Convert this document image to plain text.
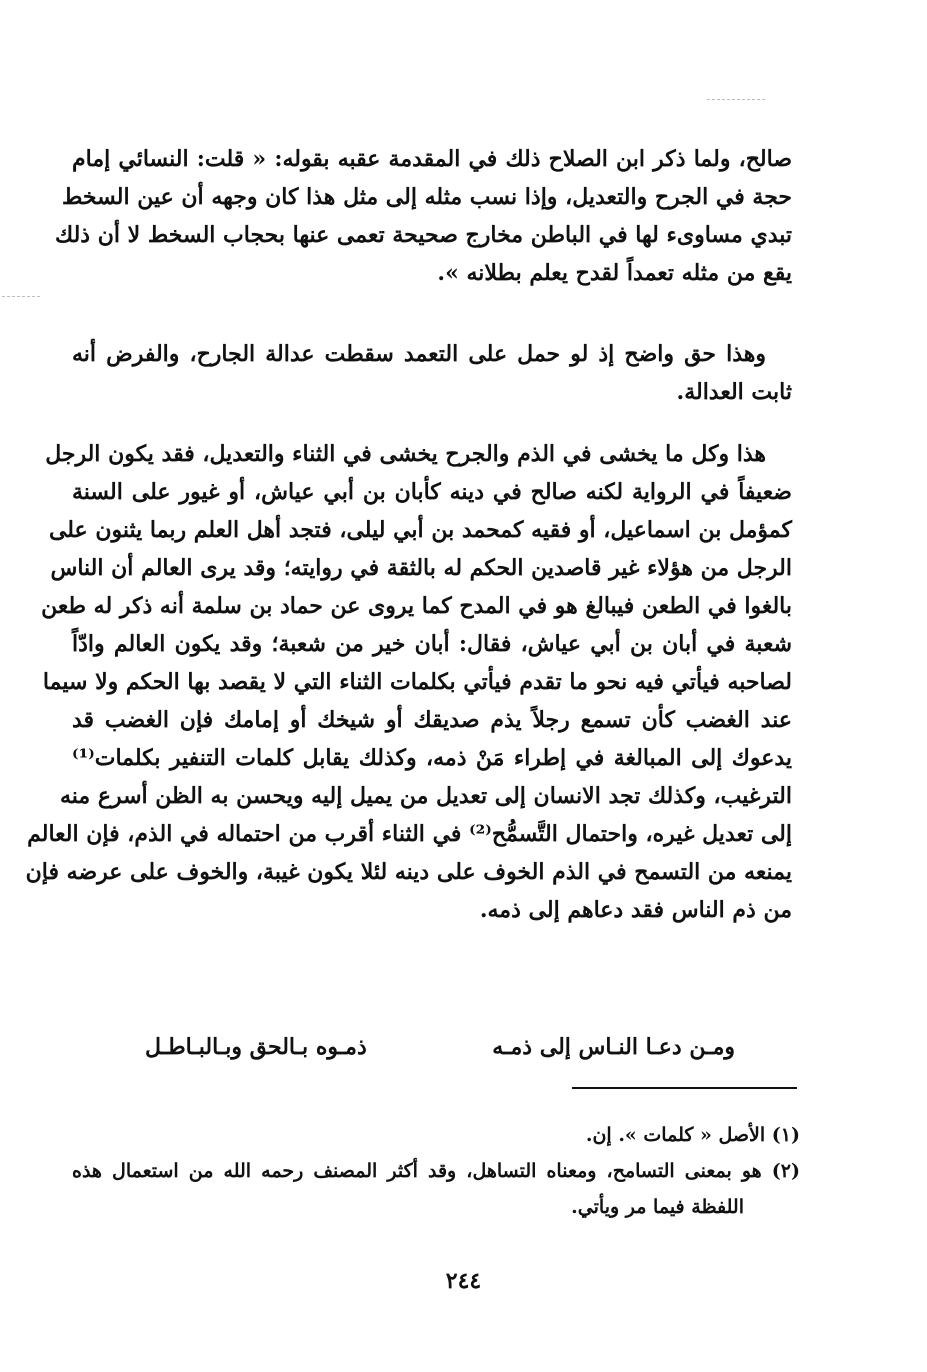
صالح، ولما ذكر ابن الصلاح ذلك في المقدمة عقبه بقوله: « قلت: النسائي إمام
حجة في الجرح والتعديل، وإذا نسب مثله إلى مثل هذا كان وجهه أن عين السخط
تبدي مساوىء لها في الباطن مخارج صحيحة تعمى عنها بحجاب السخط لا أن ذلك
يقع من مثله تعمداً لقدح يعلم بطلانه ».
وهذا حق واضح إذ لو حمل على التعمد سقطت عدالة الجارح، والفرض أنه
ثابت العدالة.
هذا وكل ما يخشى في الذم والجرح يخشى في الثناء والتعديل، فقد يكون الرجل
ضعيفاً في الرواية لكنه صالح في دينه كأبان بن أبي عياش، أو غيور على السنة
كمؤمل بن اسماعيل، أو فقيه كمحمد بن أبي ليلى، فتجد أهل العلم ربما يثنون على
الرجل من هؤلاء غير قاصدين الحكم له بالثقة في روايته؛ وقد يرى العالم أن الناس
بالغوا في الطعن فيبالغ هو في المدح كما يروى عن حماد بن سلمة أنه ذكر له طعن
شعبة في أبان بن أبي عياش، فقال: أبان خير من شعبة؛ وقد يكون العالم وادّاً
لصاحبه فيأتي فيه نحو ما تقدم فيأتي بكلمات الثناء التي لا يقصد بها الحكم ولا سيما
عند الغضب كأن تسمع رجلاً يذم صديقك أو شيخك أو إمامك فإن الغضب قد
يدعوك إلى المبالغة في إطراء مَنْ ذمه، وكذلك يقابل كلمات التنفير بكلمات⁽¹⁾
الترغيب، وكذلك تجد الانسان إلى تعديل من يميل إليه ويحسن به الظن أسرع منه
إلى تعديل غيره، واحتمال التَّسمُّح⁽²⁾ في الثناء أقرب من احتماله في الذم، فإن العالم
يمنعه من التسمح في الذم الخوف على دينه لئلا يكون غيبة، والخوف على عرضه فإن
من ذم الناس فقد دعاهم إلى ذمه.
ومـن دعـا النـاس إلى ذمـه
ذمـوه بـالحق وبـالبـاطـل
(١) الأصل « كلمات ». إن.
(٢) هو بمعنى التسامح، ومعناه التساهل، وقد أكثر المصنف رحمه الله من استعمال هذه
اللفظة فيما مر ويأتي.
٢٤٤
